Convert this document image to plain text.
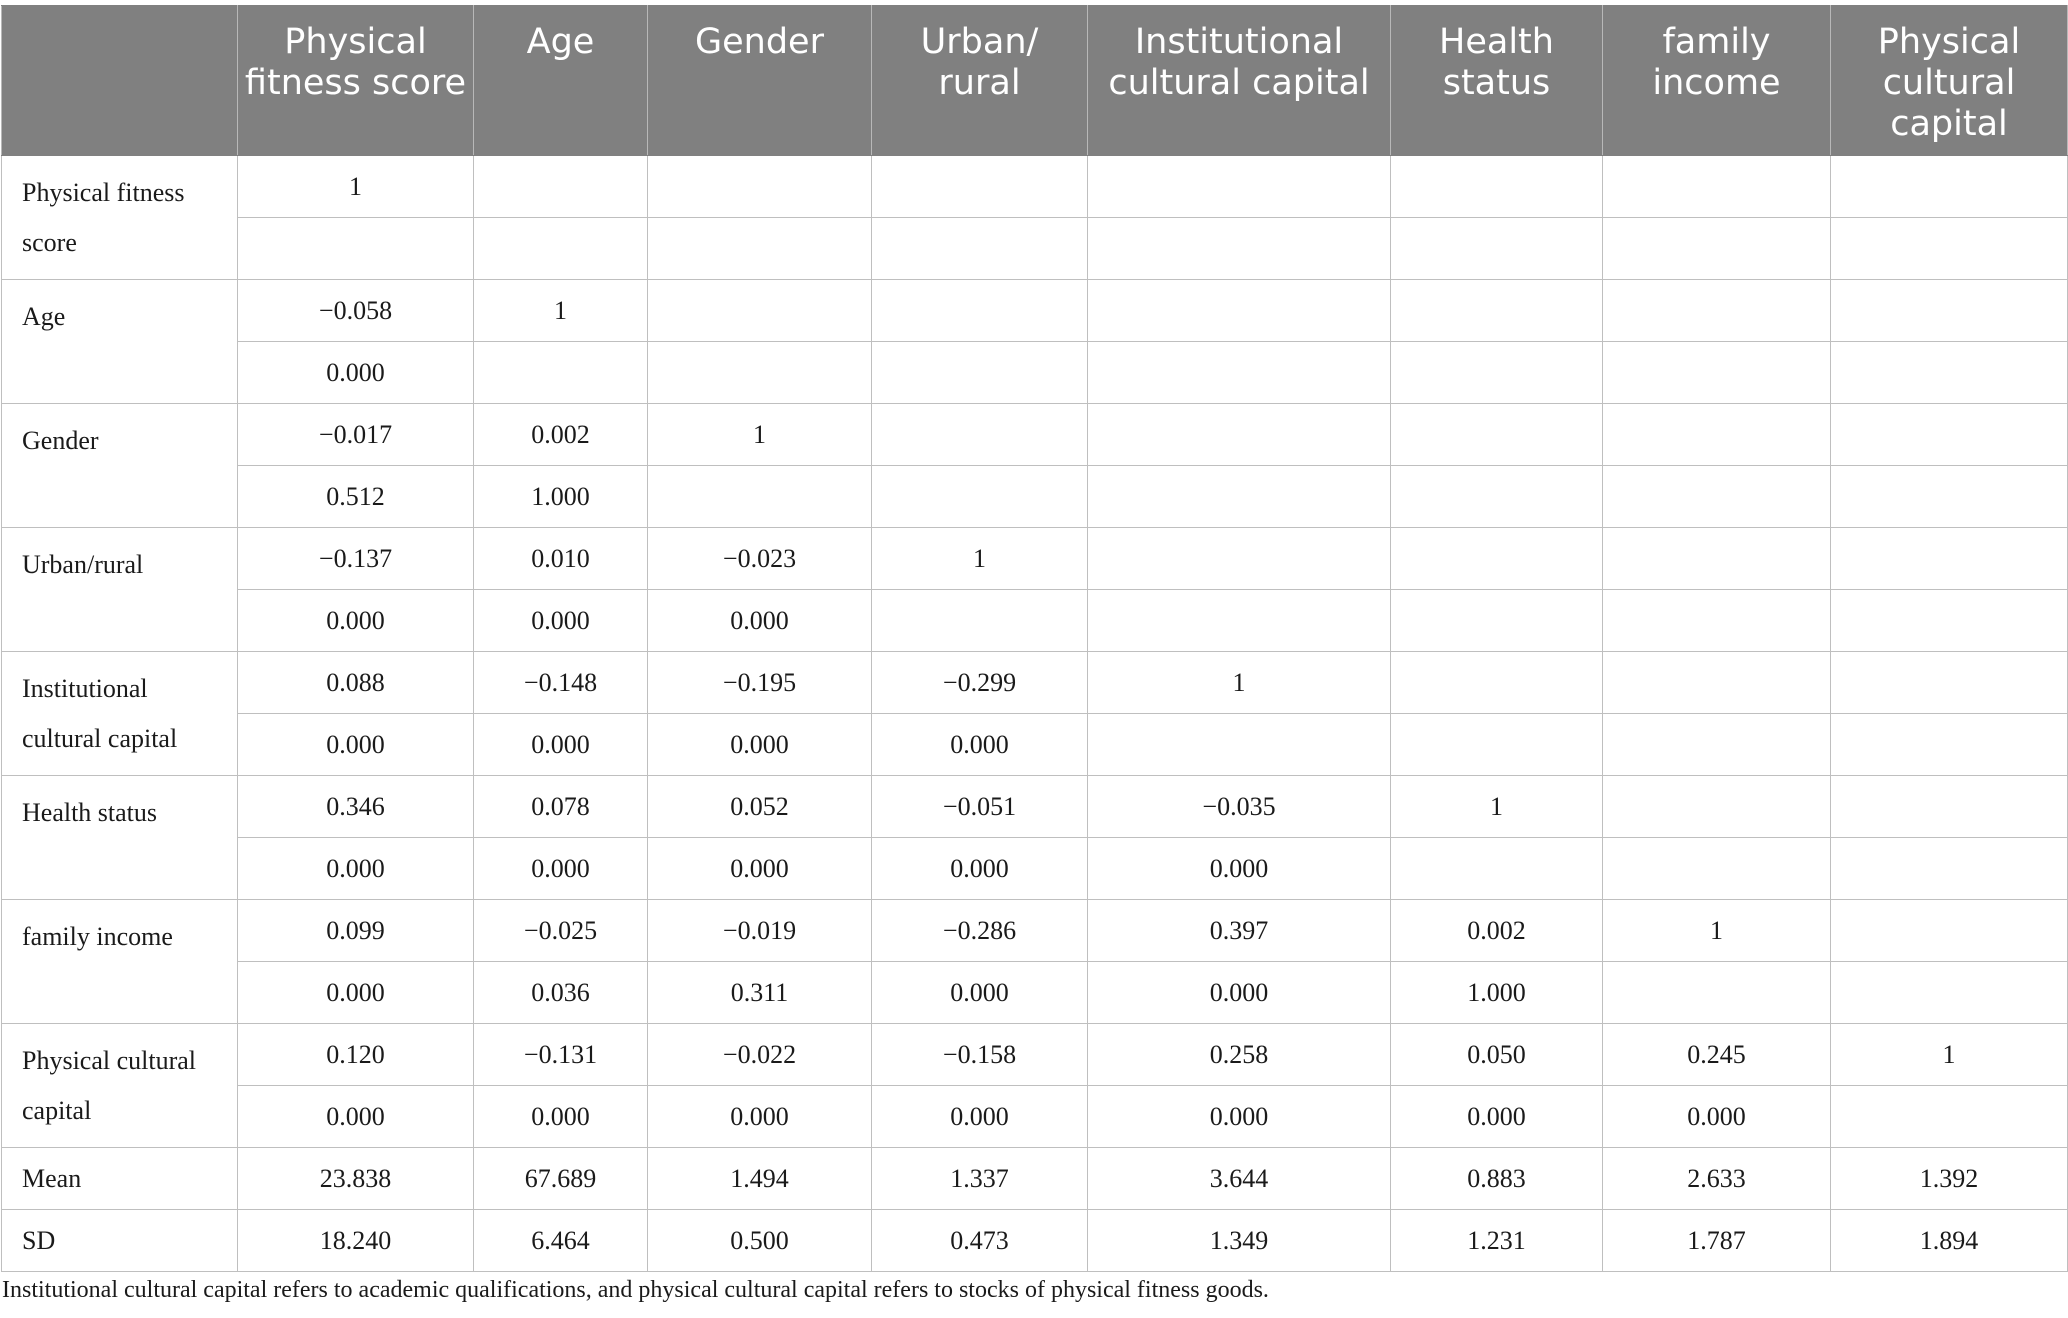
	Physical fitness score	Age	Gender	Urban/ rural	Institutional cultural capital	Health status	family income	Physical cultural capital
Physical fitness score	1							

Age	−0.058	1						
	0.000							
Gender	−0.017	0.002	1					
	0.512	1.000						
Urban/rural	−0.137	0.010	−0.023	1				
	0.000	0.000	0.000					
Institutional cultural capital	0.088	−0.148	−0.195	−0.299	1			
	0.000	0.000	0.000	0.000				
Health status	0.346	0.078	0.052	−0.051	−0.035	1		
	0.000	0.000	0.000	0.000	0.000			
family income	0.099	−0.025	−0.019	−0.286	0.397	0.002	1	
	0.000	0.036	0.311	0.000	0.000	1.000		
Physical cultural capital	0.120	−0.131	−0.022	−0.158	0.258	0.050	0.245	1
	0.000	0.000	0.000	0.000	0.000	0.000	0.000	
Mean	23.838	67.689	1.494	1.337	3.644	0.883	2.633	1.392
SD	18.240	6.464	0.500	0.473	1.349	1.231	1.787	1.894
Institutional cultural capital refers to academic qualifications, and physical cultural capital refers to stocks of physical fitness goods.
